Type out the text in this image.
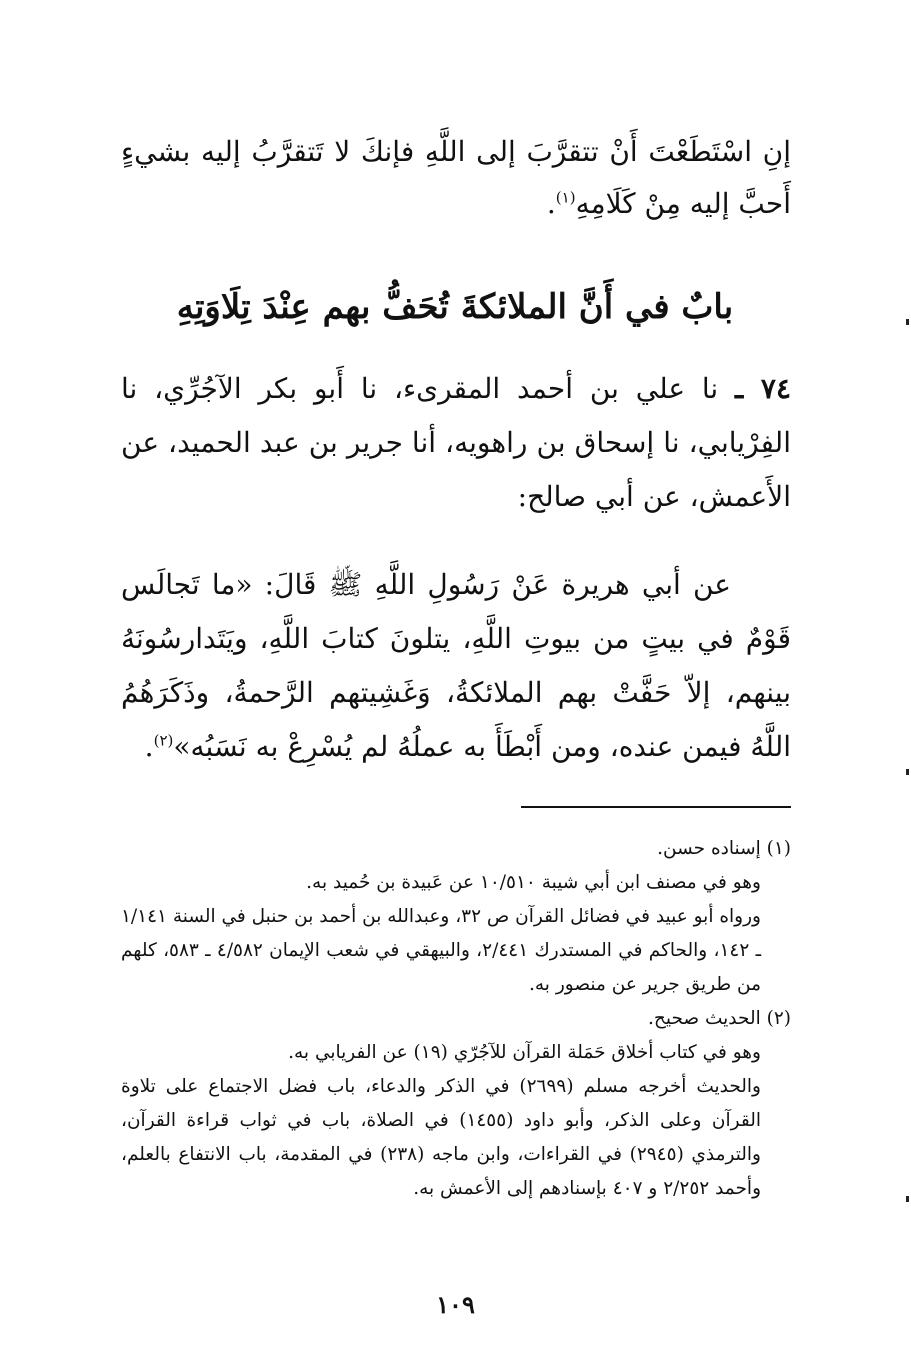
إنِ اسْتَطَعْتَ أَنْ تتقرَّبَ إلى اللَّهِ فإنكَ لا تَتقرَّبُ إليه بشيءٍ أَحبَّ إليه مِنْ كَلَامِهِ$^{(١)}$.

بابٌ في أَنَّ الملائكةَ تُحَفُّ بهم عِنْدَ تِلَاوَتِهِ

٧٤ ـ نا علي بن أحمد المقرىء، نا أَبو بكر الآجُرِّي، نا الفِرْيابي، نا إسحاق بن راهويه، أنا جرير بن عبد الحميد، عن الأَعمش، عن أبي صالح:

عن أبي هريرة عَنْ رَسُولِ اللَّهِ ﷺ قَالَ: «ما تَجالَس قَوْمٌ في بيتٍ من بيوتِ اللَّهِ، يتلونَ كتابَ اللَّهِ، ويَتَدارسُونَهُ بينهم، إلاّ حَفَّتْ بهم الملائكةُ، وَغَشِيتهم الرَّحمةُ، وذَكَرَهُمُ اللَّهُ فيمن عنده، ومن أَبْطَأَ به عملُهُ لم يُسْرِعْ به نَسَبُه»$^{(٢)}$.

(١) إسناده حسن.

وهو في مصنف ابن أبي شيبة ١٠/٥١٠ عن عَبيدة بن حُميد به.

ورواه أبو عبيد في فضائل القرآن ص ٣٢، وعبدالله بن أحمد بن حنبل في السنة ١/١٤١ ـ ١٤٢، والحاكم في المستدرك ٢/٤٤١، والبيهقي في شعب الإيمان ٤/٥٨٢ ـ ٥٨٣، كلهم من طريق جرير عن منصور به.

(٢) الحديث صحيح.

وهو في كتاب أخلاق حَمَلة القرآن للآجُرّي (١٩) عن الفريابي به.

والحديث أخرجه مسلم (٢٦٩٩) في الذكر والدعاء، باب فضل الاجتماع على تلاوة القرآن وعلى الذكر، وأبو داود (١٤٥٥) في الصلاة، باب في ثواب قراءة القرآن، والترمذي (٢٩٤٥) في القراءات، وابن ماجه (٢٣٨) في المقدمة، باب الانتفاع بالعلم، وأحمد ٢/٢٥٢ و ٤٠٧ بإسنادهم إلى الأعمش به.

١٠٩
